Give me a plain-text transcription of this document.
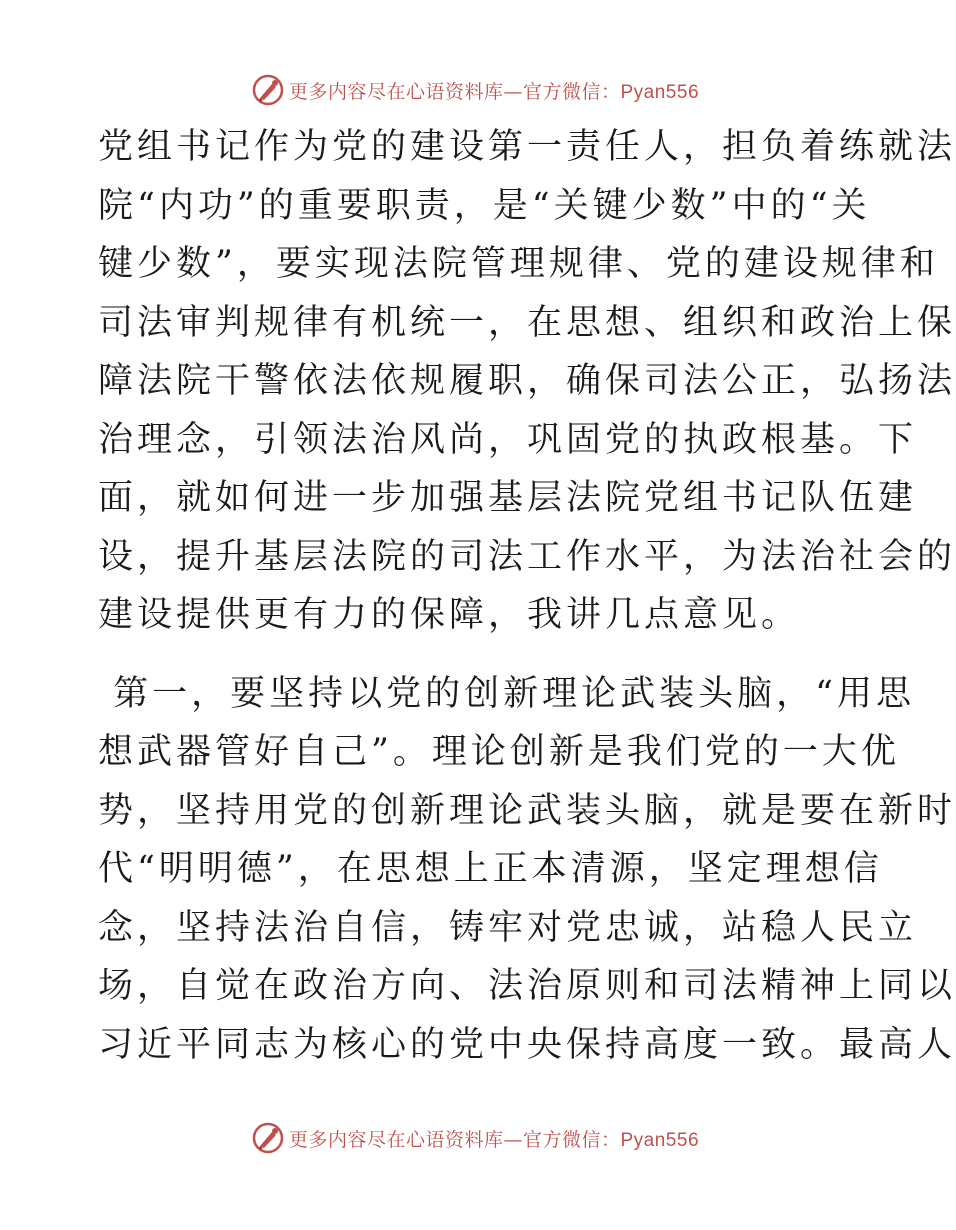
更多内容尽在心语资料库—官方微信：Pyan556
党组书记作为党的建设第一责任人，担负着练就法
院“内功”的重要职责，是“关键少数”中的“关
键少数”，要实现法院管理规律、党的建设规律和
司法审判规律有机统一，在思想、组织和政治上保
障法院干警依法依规履职，确保司法公正，弘扬法
治理念，引领法治风尚，巩固党的执政根基。下
面，就如何进一步加强基层法院党组书记队伍建
设，提升基层法院的司法工作水平，为法治社会的
建设提供更有力的保障，我讲几点意见。
第一，要坚持以党的创新理论武装头脑，“用思
想武器管好自己”。理论创新是我们党的一大优
势，坚持用党的创新理论武装头脑，就是要在新时
代“明明德”，在思想上正本清源，坚定理想信
念，坚持法治自信，铸牢对党忠诚，站稳人民立
场，自觉在政治方向、法治原则和司法精神上同以
习近平同志为核心的党中央保持高度一致。最高人
更多内容尽在心语资料库—官方微信：Pyan556
